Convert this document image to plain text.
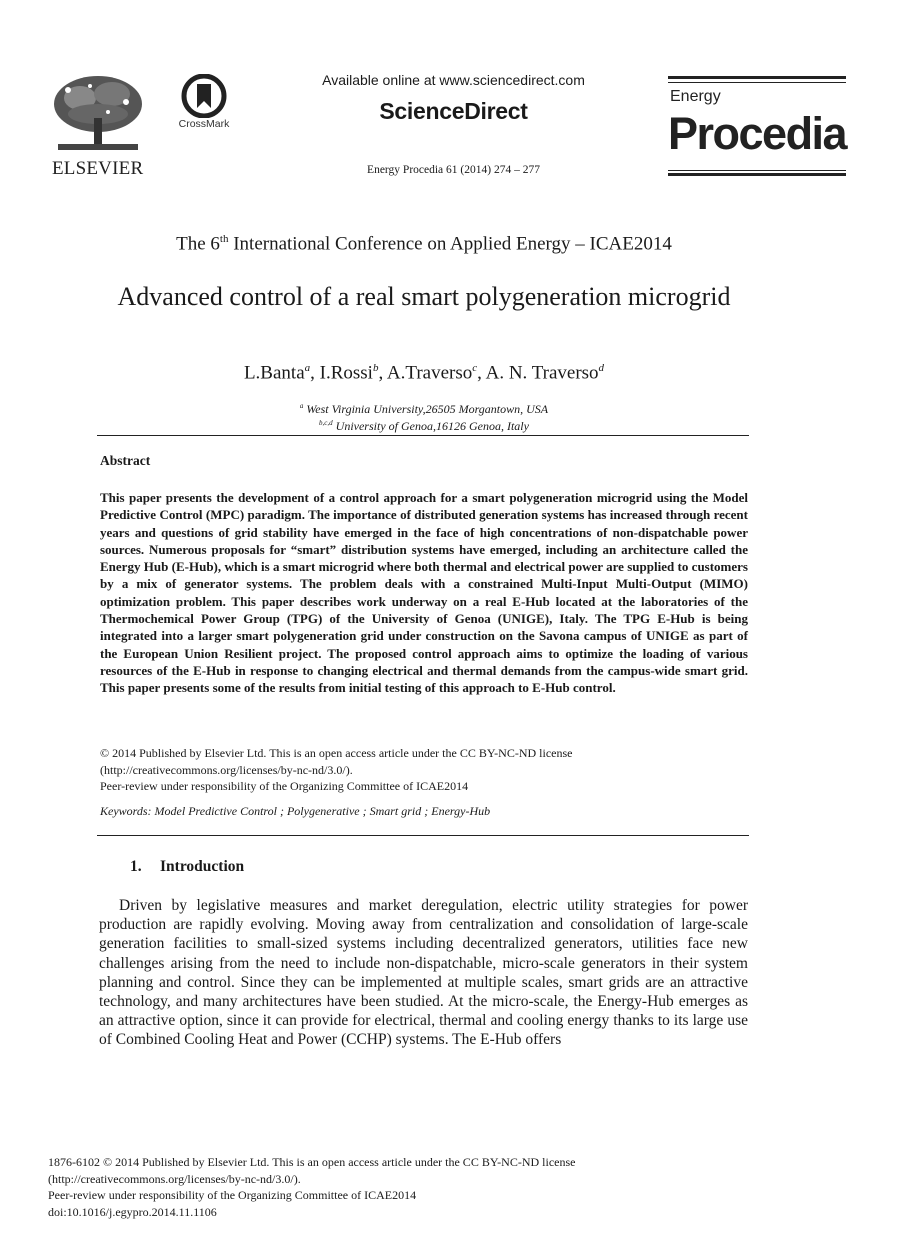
ELSEVIER
CrossMark
Available online at www.sciencedirect.com
ScienceDirect
Energy Procedia 61 (2014) 274 – 277
Energy
Procedia
The 6th International Conference on Applied Energy – ICAE2014
Advanced control of a real smart polygeneration microgrid
L.Banta$^a$, I.Rossi$^b$, A.Traverso$^c$, A. N. Traverso$^d$
$^a$ West Virginia University,26505 Morgantown, USA
$^{b,c,d}$ University of Genoa,16126 Genoa, Italy
Abstract
This paper presents the development of a control approach for a smart polygeneration microgrid using the Model Predictive Control (MPC) paradigm. The importance of distributed generation systems has increased through recent years and questions of grid stability have emerged in the face of high concentrations of non-dispatchable power sources. Numerous proposals for “smart” distribution systems have emerged, including an architecture called the Energy Hub (E-Hub), which is a smart microgrid where both thermal and electrical power are supplied to customers by a mix of generator systems. The problem deals with a constrained Multi-Input Multi-Output (MIMO) optimization problem. This paper describes work underway on a real E-Hub located at the laboratories of the Thermochemical Power Group (TPG) of the University of Genoa (UNIGE), Italy. The TPG E-Hub is being integrated into a larger smart polygeneration grid under construction on the Savona campus of UNIGE as part of the European Union Resilient project. The proposed control approach aims to optimize the loading of various resources of the E-Hub in response to changing electrical and thermal demands from the campus-wide smart grid. This paper presents some of the results from initial testing of this approach to E-Hub control.
© 2014 Published by Elsevier Ltd. This is an open access article under the CC BY-NC-ND license
(http://creativecommons.org/licenses/by-nc-nd/3.0/).
Peer-review under responsibility of the Organizing Committee of ICAE2014
Keywords: Model Predictive Control ; Polygenerative ; Smart grid ; Energy-Hub
1. Introduction
Driven by legislative measures and market deregulation, electric utility strategies for power production are rapidly evolving. Moving away from centralization and consolidation of large-scale generation facilities to small-sized systems including decentralized generators, utilities face new challenges arising from the need to include non-dispatchable, micro-scale generators in their system planning and control. Since they can be implemented at multiple scales, smart grids are an attractive technology, and many architectures have been studied. At the micro-scale, the Energy-Hub emerges as an attractive option, since it can provide for electrical, thermal and cooling energy thanks to its large use of Combined Cooling Heat and Power (CCHP) systems. The E-Hub offers
1876-6102 © 2014 Published by Elsevier Ltd. This is an open access article under the CC BY-NC-ND license
(http://creativecommons.org/licenses/by-nc-nd/3.0/).
Peer-review under responsibility of the Organizing Committee of ICAE2014
doi:10.1016/j.egypro.2014.11.1106
